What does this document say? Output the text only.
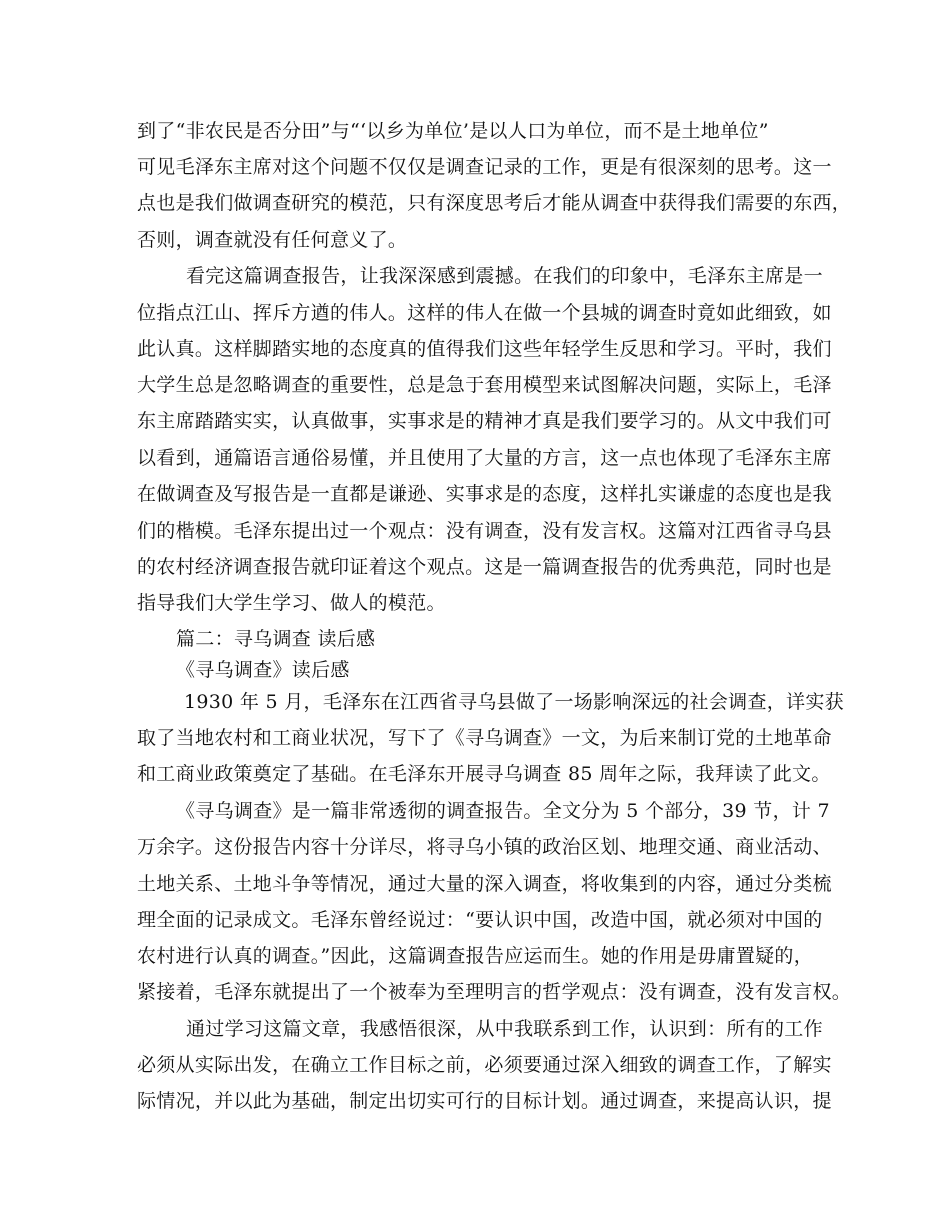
到了“非农民是否分田”与“‘以乡为单位’是以人口为单位，而不是土地单位”
可见毛泽东主席对这个问题不仅仅是调查记录的工作，更是有很深刻的思考。这一
点也是我们做调查研究的模范，只有深度思考后才能从调查中获得我们需要的东西，
否则，调查就没有任何意义了。
看完这篇调查报告，让我深深感到震撼。在我们的印象中，毛泽东主席是一
位指点江山、挥斥方遒的伟人。这样的伟人在做一个县城的调查时竟如此细致，如
此认真。这样脚踏实地的态度真的值得我们这些年轻学生反思和学习。平时，我们
大学生总是忽略调查的重要性，总是急于套用模型来试图解决问题，实际上，毛泽
东主席踏踏实实，认真做事，实事求是的精神才真是我们要学习的。从文中我们可
以看到，通篇语言通俗易懂，并且使用了大量的方言，这一点也体现了毛泽东主席
在做调查及写报告是一直都是谦逊、实事求是的态度，这样扎实谦虚的态度也是我
们的楷模。毛泽东提出过一个观点：没有调查，没有发言权。这篇对江西省寻乌县
的农村经济调查报告就印证着这个观点。这是一篇调查报告的优秀典范，同时也是
指导我们大学生学习、做人的模范。
篇二：寻乌调查 读后感
《寻乌调查》读后感
1930 年 5 月，毛泽东在江西省寻乌县做了一场影响深远的社会调查，详实获
取了当地农村和工商业状况，写下了《寻乌调查》一文，为后来制订党的土地革命
和工商业政策奠定了基础。在毛泽东开展寻乌调查 85 周年之际，我拜读了此文。
《寻乌调查》是一篇非常透彻的调查报告。全文分为 5 个部分，39 节，计 7
万余字。这份报告内容十分详尽，将寻乌小镇的政治区划、地理交通、商业活动、
土地关系、土地斗争等情况，通过大量的深入调查，将收集到的内容，通过分类梳
理全面的记录成文。毛泽东曾经说过：“要认识中国，改造中国，就必须对中国的
农村进行认真的调查。”因此，这篇调查报告应运而生。她的作用是毋庸置疑的，
紧接着，毛泽东就提出了一个被奉为至理明言的哲学观点：没有调查，没有发言权。
通过学习这篇文章，我感悟很深，从中我联系到工作，认识到：所有的工作
必须从实际出发，在确立工作目标之前，必须要通过深入细致的调查工作，了解实
际情况，并以此为基础，制定出切实可行的目标计划。通过调查，来提高认识，提
